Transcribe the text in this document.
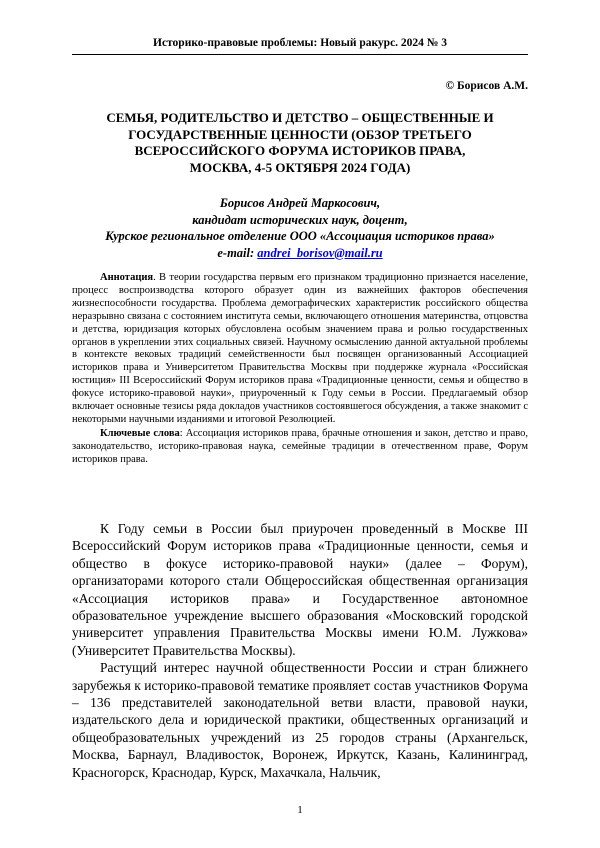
Историко-правовые проблемы: Новый ракурс. 2024 № 3
© Борисов А.М.
СЕМЬЯ, РОДИТЕЛЬСТВО И ДЕТСТВО – ОБЩЕСТВЕННЫЕ И
ГОСУДАРСТВЕННЫЕ ЦЕННОСТИ (ОБЗОР ТРЕТЬЕГО
ВСЕРОССИЙСКОГО ФОРУМА ИСТОРИКОВ ПРАВА,
МОСКВА, 4-5 ОКТЯБРЯ 2024 ГОДА)
Борисов Андрей Маркосович,
кандидат исторических наук, доцент,
Курское региональное отделение ООО «Ассоциация историков права»
e-mail: andrei_borisov@mail.ru

Аннотация. В теории государства первым его признаком традиционно признается население, процесс воспроизводства которого образует один из важнейших факторов обеспечения жизнеспособности государства. Проблема демографических характеристик российского общества неразрывно связана с состоянием института семьи, включающего отношения материнства, отцовства и детства, юридизация которых обусловлена особым значением права и ролью государственных органов в укреплении этих социальных связей. Научному осмыслению данной актуальной проблемы в контексте вековых традиций семейственности был посвящен организованный Ассоциацией историков права и Университетом Правительства Москвы при поддержке журнала «Российская юстиция» III Всероссийский Форум историков права «Традиционные ценности, семья и общество в фокусе историко-правовой науки», приуроченный к Году семьи в России. Предлагаемый обзор включает основные тезисы ряда докладов участников состоявшегося обсуждения, а также знакомит с некоторыми научными изданиями и итоговой Резолюцией.

Ключевые слова: Ассоциация историков права, брачные отношения и закон, детство и право, законодательство, историко-правовая наука, семейные традиции в отечественном праве, Форум историков права.

К Году семьи в России был приурочен проведенный в Москве III Всероссийский Форум историков права «Традиционные ценности, семья и общество в фокусе историко-правовой науки» (далее – Форум), организаторами которого стали Общероссийская общественная организация «Ассоциация историков права» и Государственное автономное образовательное учреждение высшего образования «Московский городской университет управления Правительства Москвы имени Ю.М. Лужкова» (Университет Правительства Москвы).

Растущий интерес научной общественности России и стран ближнего зарубежья к историко-правовой тематике проявляет состав участников Форума – 136 представителей законодательной ветви власти, правовой науки, издательского дела и юридической практики, общественных организаций и общеобразовательных учреждений из 25 городов страны (Архангельск, Москва, Барнаул, Владивосток, Воронеж, Иркутск, Казань, Калининград, Красногорск, Краснодар, Курск, Махачкала, Нальчик,

1
